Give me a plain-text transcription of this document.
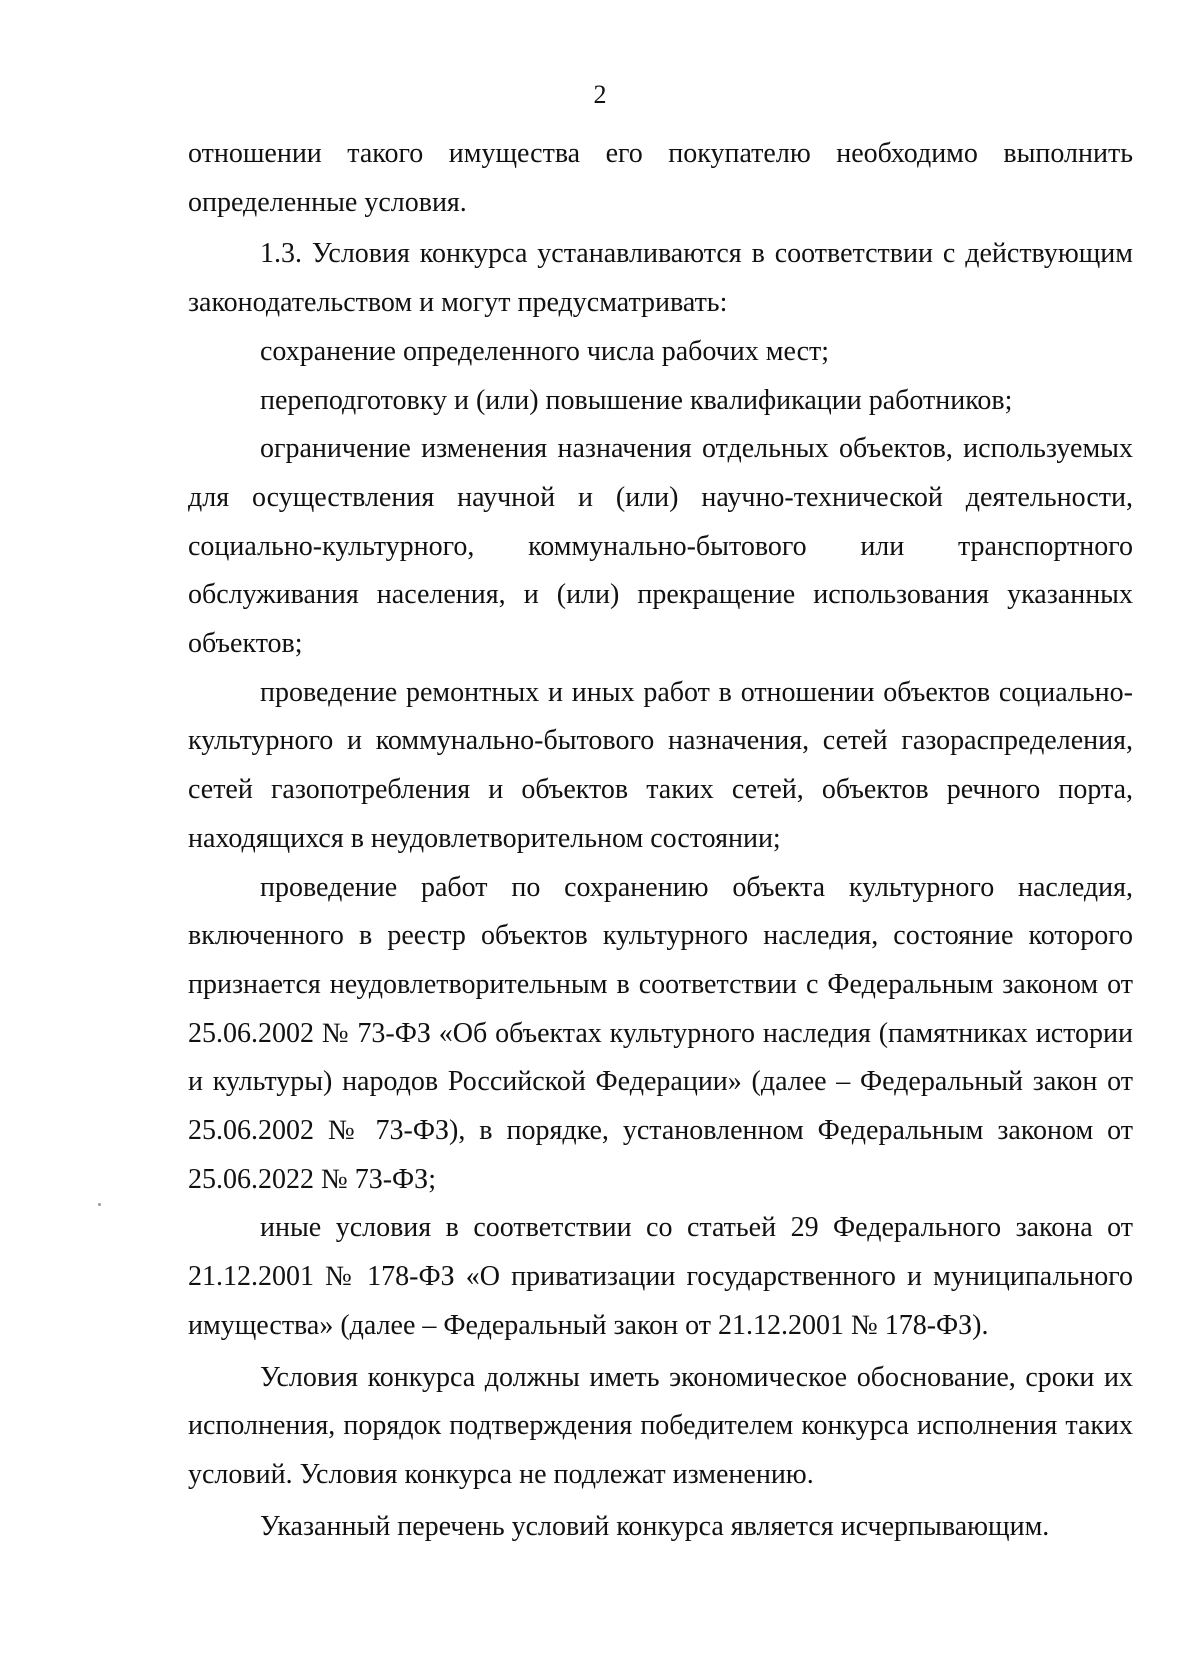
2

отношении такого имущества его покупателю необходимо выполнить определенные условия.

1.3. Условия конкурса устанавливаются в соответствии с действующим законодательством и могут предусматривать:

сохранение определенного числа рабочих мест;

переподготовку и (или) повышение квалификации работников;

ограничение изменения назначения отдельных объектов, используемых для осуществления научной и (или) научно-технической деятельности, социально-культурного, коммунально-бытового или транспортного обслуживания населения, и (или) прекращение использования указанных объектов;

проведение ремонтных и иных работ в отношении объектов социально-культурного и коммунально-бытового назначения, сетей газораспределения, сетей газопотребления и объектов таких сетей, объектов речного порта, находящихся в неудовлетворительном состоянии;

проведение работ по сохранению объекта культурного наследия, включенного в реестр объектов культурного наследия, состояние которого признается неудовлетворительным в соответствии с Федеральным законом от 25.06.2002 № 73-ФЗ «Об объектах культурного наследия (памятниках истории и культуры) народов Российской Федерации» (далее – Федеральный закон от 25.06.2002 № 73-ФЗ), в порядке, установленном Федеральным законом от 25.06.2022 № 73-ФЗ;

иные условия в соответствии со статьей 29 Федерального закона от 21.12.2001 № 178-ФЗ «О приватизации государственного и муниципального имущества» (далее – Федеральный закон от 21.12.2001 № 178-ФЗ).

Условия конкурса должны иметь экономическое обоснование, сроки их исполнения, порядок подтверждения победителем конкурса исполнения таких условий. Условия конкурса не подлежат изменению.

Указанный перечень условий конкурса является исчерпывающим.
